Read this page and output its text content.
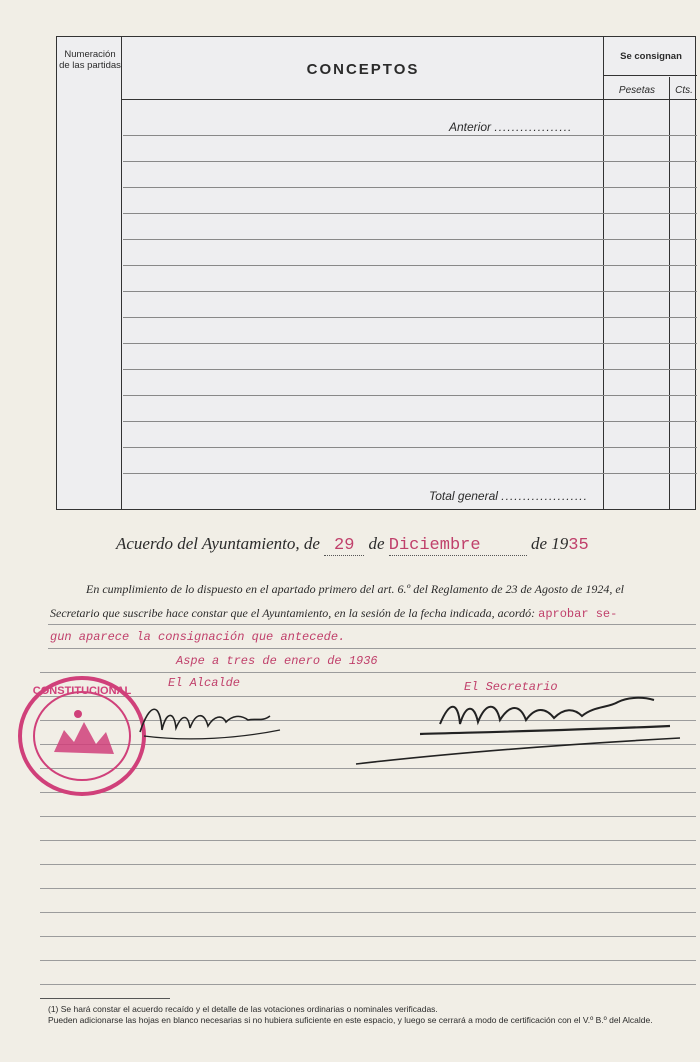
Numeración de las partidas	CONCEPTOS
Se consignan
Pesetas	Cts.
Anterior ..................
Total general ....................
Acuerdo del Ayuntamiento, de 29 de Diciembre	de 1935
En cumplimiento de lo dispuesto en el apartado primero del art. 6.º del Reglamento de 23 de Agosto de 1924, el
Secretario que suscribe hace constar que el Ayuntamiento, en la sesión de la fecha indicada, acordó: aprobar se-
gun aparece la consignación que antecede.
Aspe a tres de enero de 1936
El Alcalde	El Secretario
CONSTITUCIONAL
(1) Se hará constar el acuerdo recaído y el detalle de las votaciones ordinarias o nominales verificadas.
Pueden adicionarse las hojas en blanco necesarias si no hubiera suficiente en este espacio, y luego se cerrará a modo de certificación con el V.º B.º del Alcalde.
